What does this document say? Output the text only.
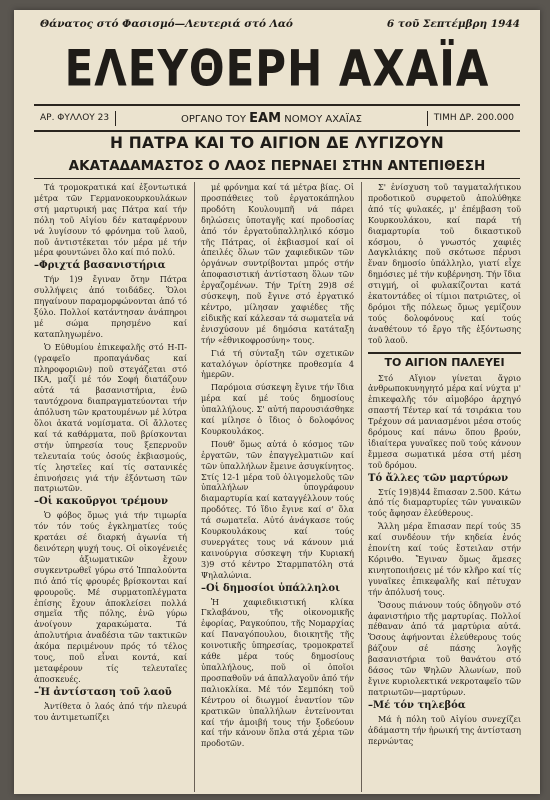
Θάνατος στό Φασισμό—Λευτεριά στό Λαό	6 τοῦ Σεπτέμβρη 1944
ΕΛΕΥΘΕΡΗ ΑΧΑΪΑ
ΑΡ. ΦΥΛΛΟΥ 23	ΟΡΓΑΝΟ ΤΟΥ ΕΑΜ ΝΟΜΟΥ ΑΧΑΪΑΣ	ΤΙΜΗ ΔΡ. 200.000
Η ΠΑΤΡΑ ΚΑΙ ΤΟ ΑΙΓΙΟΝ ΔΕ ΛΥΓΙΖΟΥΝ
ΑΚΑΤΑΔΑΜΑΣΤΟΣ Ο ΛΑΟΣ ΠΕΡΝΑΕΙ ΣΤΗΝ ΑΝΤΕΠΙΘΕΣΗ

Τά τρομοκρατικά καί ἐξοντωτικά μέτρα τῶν Γερμανοκουρκουλάκων στή μαρτυρική μας Πάτρα καί τήν πόλη τοῦ Αἰγίου δέν καταφέρνουν νά λυγίσουν τό φρόνημα τοῦ λαοῦ, ποῦ ἀντιστέκεται τόν μέρα μέ τήν μέρα φουντώνει ὅλο καί πιό πολύ.

–Φριχτά βασανιστήρια

Τήν 1)9 ἔγιναν ὅτην Πάτρα συλλήψεις ἀπό τοιδάδες. Ὅλοι πηγαίνουν παραμορφώνονται ἀπό τό ξύλο. Πολλοί κατάντησαν ἀνάπηροι μέ σώμα πρησμένο καί καταπληγωμένο.

Ὁ Εὐθυμίου ἐπικεφαλῆς στό Η-Π- (γραφεῖο προπαγάνδας καί πληροφοριῶν) ποῦ στεγάζεται στό ΙΚΑ, μαζί μέ τόν Σοφή διατάζουν αὐτά τά βασανιστήρια, ἐνῶ ταυτόχρονα διαπραγματεύονται τήν ἀπόλυση τῶν κρατουμένων μέ λύτρα ὅλοι ἀκατά νομίσματα. Οἱ ἄλλοτες καί τά καθάρματα, ποῦ βρίσκονται στήν ὑπηρεσία τους ξεπερνοῦν τελευταία τούς ὀσούς ἐκβιασμούς, τίς ληστεῖες καί τίς σατανικές ἐπινοήσεις γιά τήν ἐξόντωση τῶν πατριωτῶν.

–Οἱ κακοῦργοι τρέμουν

Ὁ φόβος ὅμως γιά τήν τιμωρία τόν τόν τούς ἐγκληματίες τούς κρατάει σέ διαρκή ἀγωνία τή δεινότερη ψυχή τους. Οἱ οἰκογένειές τῶν ἀξιωματικῶν ἔχουν συγκεντρωθεῖ γύρω στό Ἰππαλούντα πιό ἀπό τίς φρουρές βρίσκονται καί φρουροῦς. Μέ συρματοπλέγματα ἐπίσης ἔχουν ἀποκλείσει πολλά σημεῖα τῆς πόλης, ἐνῶ γύρω ἀνοίγουν χαρακώματα. Τά ἀπολυτήρια ἀναδέσια τῶν τακτικῶν ἀκόμα περιμένουν πρός τό τέλος τους, ποῦ εἶναι κοντά, καί μεταφέρουν τίς τελευταῖες ἀποσκευές.

–Ἡ ἀντίσταση τοῦ λαοῦ

Ἀντίθετα ὁ λαός ἀπό τήν πλευρά του ἀντιμετωπίζει

μέ φρόνημα καί τά μέτρα βίας. Οἱ προσπάθειες τοῦ ἐργατοκάπηλου προδότη Κουλουμπῆ νά πάρει δηλώσεις ὑποταγῆς καί προδοσίας ἀπό τόν ἐργατοϋπαλληλικό κόσμο τῆς Πάτρας, οἱ ἐκβιασμοί καί οἱ ἀπειλές ὅλων τῶν χαφιεδικῶν τῶν ὀργάνων συντρίβονται μπρός στήν ἀποφασιστική ἀντίσταση ὅλων τῶν ἐργαζομένων. Τήν Τρίτη 29)8 σέ σύσκεψη, ποῦ ἔγινε στό ἐργατικό κέντρο, μίλησαν χαφιέδες τῆς εἰδικῆς καί κάλεσαν τά σωματεῖα νά ἐνισχύσουν μέ δημόσια κατάταξη τήν «ἐθνικοφροσύνη» τους.

Γιά τή σύνταξη τῶν σχετικῶν καταλόγων ὁρίστηκε προθεσμία 4 ἡμερῶν.

Παρόμοια σύσκεψη ἔγινε τήν ἴδια μέρα καί μέ τούς δημοσίους ὑπαλλήλους. Σ' αὐτή παρουσιάσθηκε καί μίλησε ὁ ἴδιος ὁ δολοφόνος Κουρκουλάκος.

Πουθ' ὅμως αὐτά ὁ κόσμος τῶν ἐργατῶν, τῶν ἐπαγγελματιῶν καί τῶν ὑπαλλήλων ἔμεινε ἀσυγκίνητος. Στίς 12-1 μέρα τοῦ ὀλιγομελοῦς τῶν ὑπαλλήλων ὑπογράφουν διαμαρτυρία καί καταγγέλλουν τούς προδότες. Τό ἴδιο ἔγινε καί σ' ὅλα τά σωματεῖα. Αὐτό ἀνάγκασε τούς Κουρκουλάκους καί τούς συνεργάτες τους νά κάνουν μιά καινούργια σύσκεψη τήν Κυριακή 3)9 στό κέντρο Σταρμπατόλη στά Ψηλαλώνια.

–Οἱ δημοσίοι ὑπάλληλοι

Ἡ χαφιεδικιστική κλίκα Γκλαβάνου, τῆς οἰκονομικῆς ἐφορίας, Ραγκούπου, τῆς Νομαρχίας καί Παναγόπουλου, διοικητῆς τῆς κοινοτικῆς ὑπηρεσίας, τρομοκρατεῖ κάθε μέρα τούς δημοσίους ὑπαλλήλους, ποῦ οἱ ὁποῖοι προσπαθοῦν νά ἀπαλλαγοῦν ἀπό τήν παλιοκλίκα. Μέ τόν Σεμπόκη τοῦ Κέντρου οἱ διωγμοί ἐναντίον τῶν κρατικῶν ὑπαλλήλων ἐντείνονται καί τήν ἀμοιβή τους τήν ξοδεύουν καί τήν κάνουν ὅπλα στά χέρια τῶν προδοτῶν.

Σ' ἐνίσχυση τοῦ ταγματαλήτικου προδοτικοῦ συρφετοῦ ἀπολύθηκε ἀπό τίς φυλακές, μ' ἐπέμβαση τοῦ Κουρκουλάκου, καί παρά τή διαμαρτυρία τοῦ δικαστικοῦ κόσμου, ὁ γνωστός χαφιές Δαγκλιάκης ποῦ σκότωσε πέρυσι ἕναν δημοσίο ὑπάλληλο, γιατί εἶχε δημόσιες μέ τήν κυβέρνηση. Τήν ἴδια στιγμή, οἱ φυλακίζονται κατά ἑκατοντάδες οἱ τίμιοι πατριῶτες, οἱ δρόμοι τῆς πόλεως ὅμως γεμίζουν τούς δολοφόνους καί τούς ἀναθέτουν τό ἔργο τῆς ἐξόντωσης τοῦ λαοῦ.

ΤΟ ΑΙΓΙΟΝ ΠΑΛΕΥΕΙ

Στό Αἴγιον γίνεται ἄγριο ἀνθρωποκυνηγητό μέρα καί νύχτα μ' ἐπικεφαλῆς τόν αἱμοβόρο ἀρχηγό σπαστή Τέντερ καί τά τσιράκια του Τρέχουν σά μανιασμένοι μέσα στούς δρόμους καί πάνω ὅπου βρούν, ἰδιαίτερα γυναῖκες ποῦ τούς κάνουν ἔμμεσα σωματικά μέσα στή μέση τοῦ δρόμου.

Τό ἄλλες τῶν μαρτύρων

Στίς 19)8)44 ἔπιασαν 2.500. Κάτω ἀπό τίς διαμαρτυρίες τῶν γυναικῶν τούς ἄφησαν ἐλεύθερους.

Ἄλλη μέρα ἔπιασαν περί τούς 35 καί συνδέουν τήν κηδεία ἑνός ἐπονίτη καί τούς ἔστειλαν στήν Κόρινθο. Ἔγιναν ὅμως ἄμεσες κινητοποιήσεις μέ τόν κλῆρο καί τίς γυναῖκες ἐπικεφαλῆς καί πέτυχαν τήν ἀπόλυσή τους.

Ὅσους πιάνουν τούς ὁδηγοῦν στό ἀφανιστήριο τῆς μαρτυρίας. Πολλοί πέθαναν ἀπό τά μαρτύρια αὐτά. Ὅσους ἀφήνονται ἐλεύθερους τούς βάζουν σέ πάσης λογῆς βασανιστήρια τοῦ θανάτου στό δάσος τῶν Ψηλῶν Ἀλωνίων, ποῦ ἔγινε κυριολεκτικά νεκροταφεῖο τῶν πατριωτῶν—μαρτύρων.

–Μέ τόν τηλεβόα

Μά ἡ πόλη τοῦ Αἰγίου συνεχίζει ἀδάμαστη τήν ἡρωική της ἀντίσταση περνώντας
